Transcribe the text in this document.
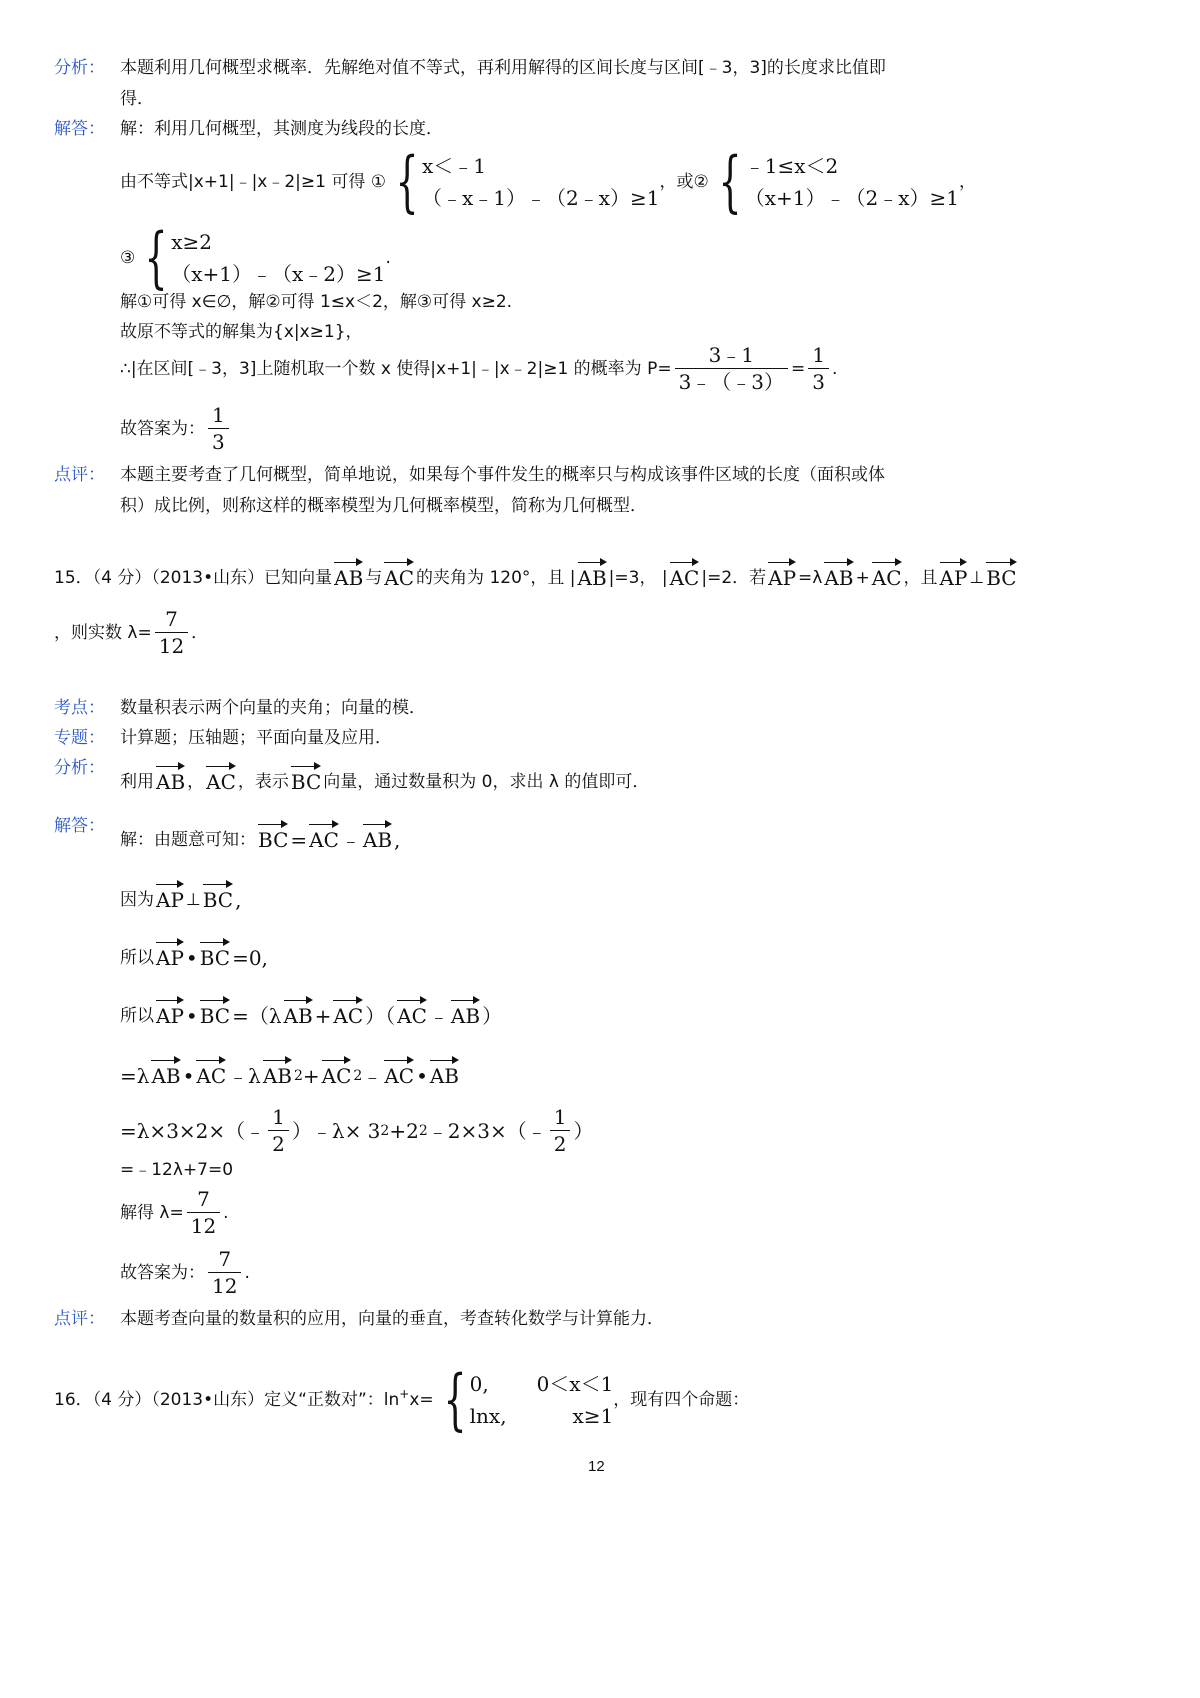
分析： 本题利用几何概型求概率．先解绝对值不等式，再利用解得的区间长度与区间[﹣3，3]的长度求比值即
得．
解答： 解：利用几何概型，其测度为线段的长度．
由不等式|x+1|﹣|x﹣2|≥1 可得 ① { x＜﹣1
（﹣x﹣1）﹣（2﹣x）≥1
，或② { ﹣1≤x＜2
（x+1）﹣（2﹣x）≥1
，
③ { x≥2
（x+1）﹣（x﹣2）≥1
.
解①可得 x∈∅，解②可得 1≤x＜2，解③可得 x≥2.
故原不等式的解集为{x|x≥1}，
∴|在区间[﹣3，3]上随机取一个数 x 使得|x+1|﹣|x﹣2|≥1 的概率为 $P= \frac{3﹣1}{3﹣(﹣3)} = \frac{1}{3}$ .
故答案为： $\frac{1}{3}$
点评： 本题主要考查了几何概型，简单地说，如果每个事件发生的概率只与构成该事件区域的长度（面积或体
积）成比例，则称这样的概率模型为几何概率模型，简称为几何概型．
15．（4 分）（2013•山东）已知向量 AB 与 AC 的夹角为 120°，且 | AB |=3， | AC |=2．若 AP =λ AB + AC ，且 AP ⊥ BC
，则实数 $\lambda= \frac{7}{12}$ ．
考点： 数量积表示两个向量的夹角；向量的模．
专题： 计算题；压轴题；平面向量及应用．
分析：
利用 AB ， AC ，表示 BC 向量，通过数量积为 0，求出 λ 的值即可．
解答：
解：由题意可知： BC = AC ﹣ AB ,
因为 AP ⊥ BC ,
所以 AP • BC =0,
所以 AP • BC =（λ AB + AC ）（ AC ﹣ AB ）
=λ AB • AC ﹣λ AB 2 + AC 2 ﹣ AC • AB
=λ×3×2×（﹣ $\frac{1}{2}$ ）﹣λ× 3 2 +2 2 ﹣2×3×（﹣ $\frac{1}{2}$ ）
=﹣12λ+7=0
解得 $\lambda= \frac{7}{12}$ .
故答案为： $\frac{7}{12}$ .
点评： 本题考查向量的数量积的应用，向量的垂直，考查转化数学与计算能力．
16．（4 分）（2013•山东）定义“正数对”：ln+ x= { 0,	0＜x＜1
lnx,	x≥1
，现有四个命题：
12
